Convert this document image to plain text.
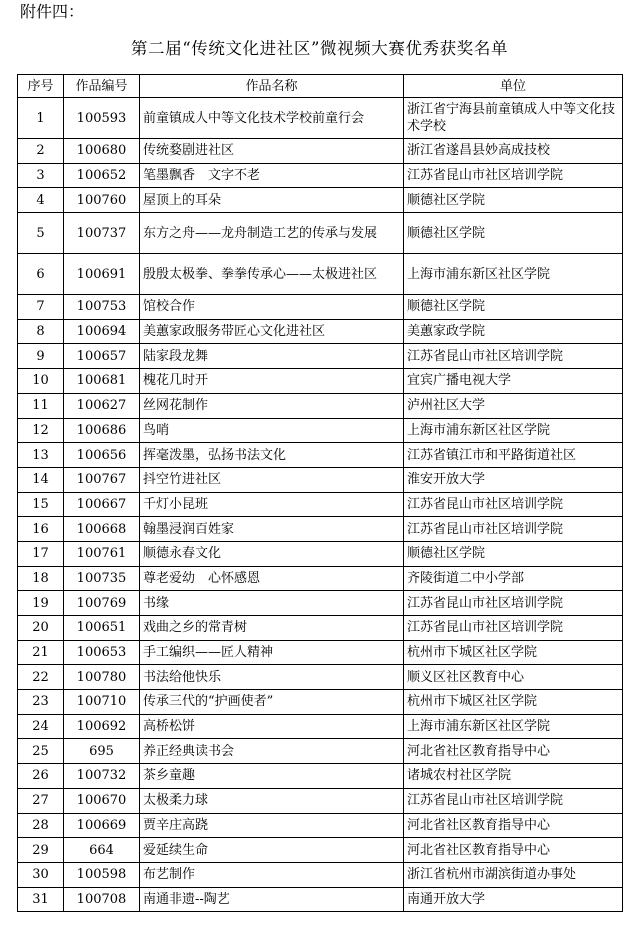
附件四：
第二届“传统文化进社区”微视频大赛优秀获奖名单
序号	作品编号	作品名称	单位
1	100593	前童镇成人中等文化技术学校前童行会	浙江省宁海县前童镇成人中等文化技术学校
2	100680	传统婺剧进社区	浙江省遂昌县妙高成技校
3	100652	笔墨飘香　文字不老	江苏省昆山市社区培训学院
4	100760	屋顶上的耳朵	顺德社区学院
5	100737	东方之舟——龙舟制造工艺的传承与发展	顺德社区学院
6	100691	殷殷太极拳、拳拳传承心——太极进社区	上海市浦东新区社区学院
7	100753	馆校合作	顺德社区学院
8	100694	美蕙家政服务带匠心文化进社区	美蕙家政学院
9	100657	陆家段龙舞	江苏省昆山市社区培训学院
10	100681	槐花几时开	宜宾广播电视大学
11	100627	丝网花制作	泸州社区大学
12	100686	鸟哨	上海市浦东新区社区学院
13	100656	挥毫泼墨，弘扬书法文化	江苏省镇江市和平路街道社区
14	100767	抖空竹进社区	淮安开放大学
15	100667	千灯小昆班	江苏省昆山市社区培训学院
16	100668	翰墨浸润百姓家	江苏省昆山市社区培训学院
17	100761	顺德永春文化	顺德社区学院
18	100735	尊老爱幼　心怀感恩	齐陵街道二中小学部
19	100769	书缘	江苏省昆山市社区培训学院
20	100651	戏曲之乡的常青树	江苏省昆山市社区培训学院
21	100653	手工编织——匠人精神	杭州市下城区社区学院
22	100780	书法给他快乐	顺义区社区教育中心
23	100710	传承三代的“护画使者”	杭州市下城区社区学院
24	100692	高桥松饼	上海市浦东新区社区学院
25	695	养正经典读书会	河北省社区教育指导中心
26	100732	茶乡童趣	诸城农村社区学院
27	100670	太极柔力球	江苏省昆山市社区培训学院
28	100669	贾辛庄高跷	河北省社区教育指导中心
29	664	爱延续生命	河北省社区教育指导中心
30	100598	布艺制作	浙江省杭州市湖滨街道办事处
31	100708	南通非遗--陶艺	南通开放大学
